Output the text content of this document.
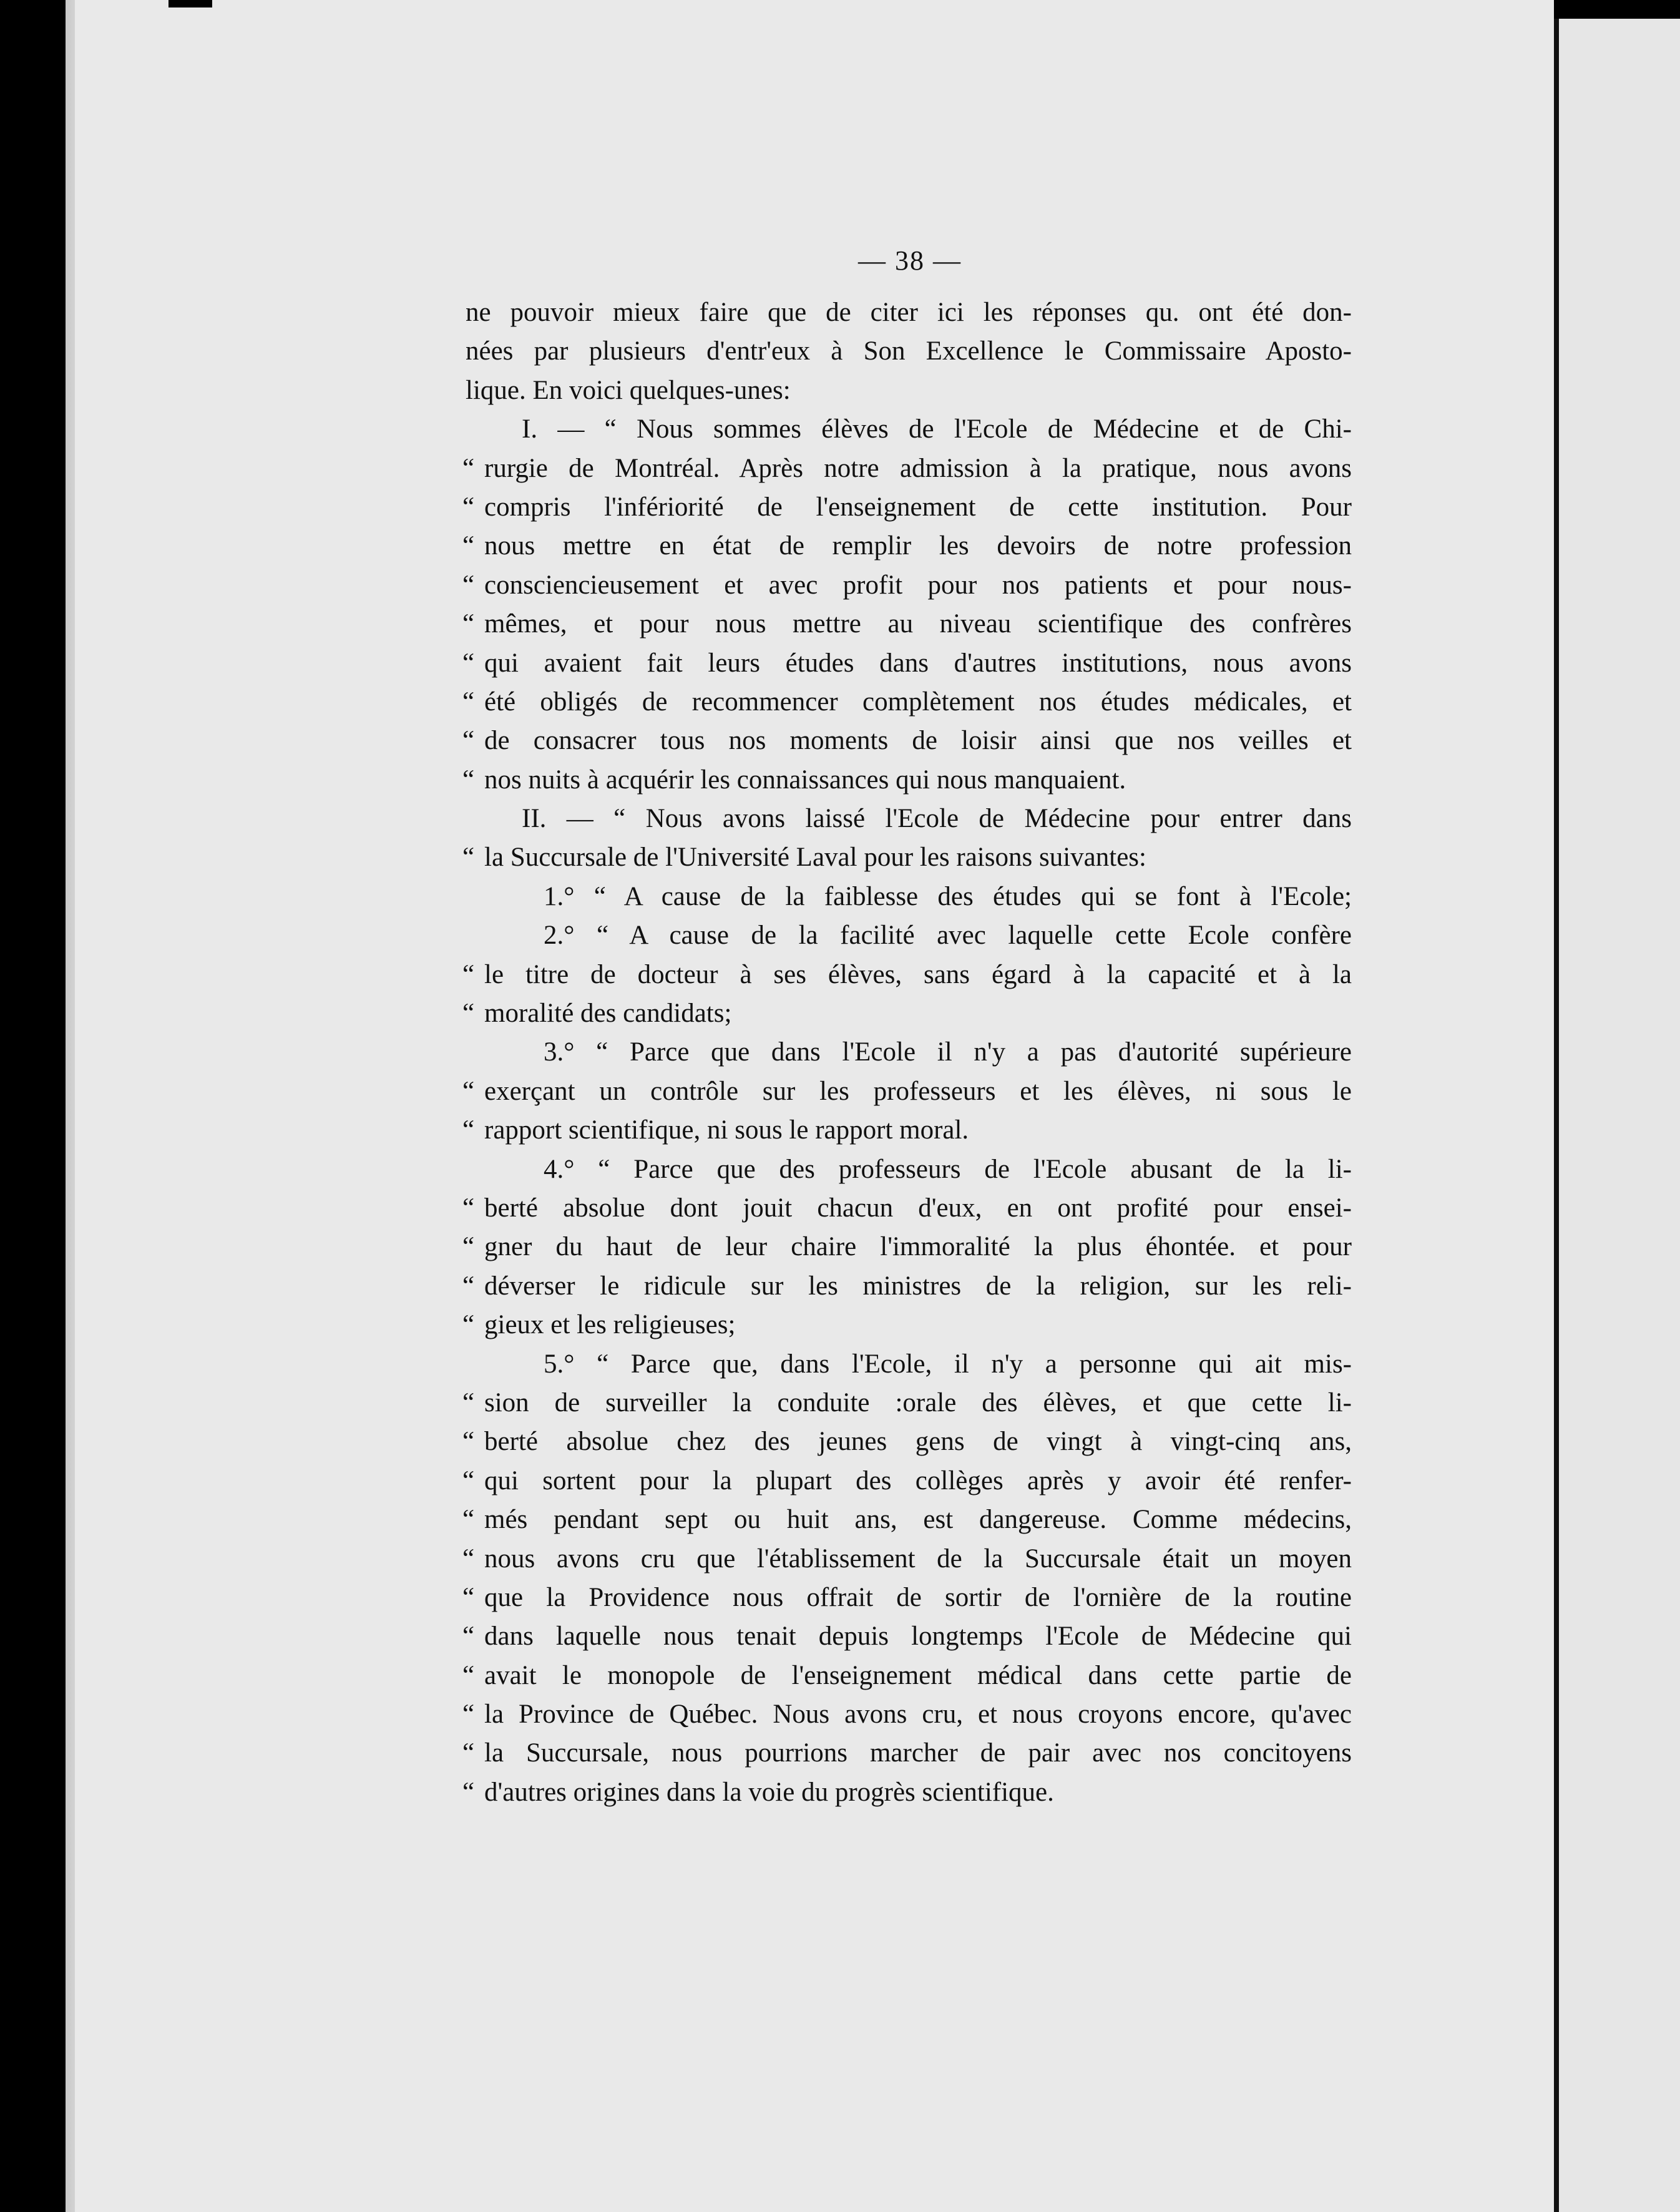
— 38 —
ne pouvoir mieux faire que de citer ici les réponses qu. ont été don-
nées par plusieurs d'entr'eux à Son Excellence le Commissaire Aposto-
lique. En voici quelques-unes:
I. — “ Nous sommes élèves de l'Ecole de Médecine et de Chi-
“ rurgie de Montréal. Après notre admission à la pratique, nous avons
“ compris l'infériorité de l'enseignement de cette institution. Pour
“ nous mettre en état de remplir les devoirs de notre profession
“ consciencieusement et avec profit pour nos patients et pour nous-
“ mêmes, et pour nous mettre au niveau scientifique des confrères
“ qui avaient fait leurs études dans d'autres institutions, nous avons
“ été obligés de recommencer complètement nos études médicales, et
“ de consacrer tous nos moments de loisir ainsi que nos veilles et
“ nos nuits à acquérir les connaissances qui nous manquaient.
II. — “ Nous avons laissé l'Ecole de Médecine pour entrer dans
“ la Succursale de l'Université Laval pour les raisons suivantes:
1.° “ A cause de la faiblesse des études qui se font à l'Ecole;
2.° “ A cause de la facilité avec laquelle cette Ecole confère
“ le titre de docteur à ses élèves, sans égard à la capacité et à la
“ moralité des candidats;
3.° “ Parce que dans l'Ecole il n'y a pas d'autorité supérieure
“ exerçant un contrôle sur les professeurs et les élèves, ni sous le
“ rapport scientifique, ni sous le rapport moral.
4.° “ Parce que des professeurs de l'Ecole abusant de la li-
“ berté absolue dont jouit chacun d'eux, en ont profité pour ensei-
“ gner du haut de leur chaire l'immoralité la plus éhontée. et pour
“ déverser le ridicule sur les ministres de la religion, sur les reli-
“ gieux et les religieuses;
5.° “ Parce que, dans l'Ecole, il n'y a personne qui ait mis-
“ sion de surveiller la conduite :orale des élèves, et que cette li-
“ berté absolue chez des jeunes gens de vingt à vingt-cinq ans,
“ qui sortent pour la plupart des collèges après y avoir été renfer-
“ més pendant sept ou huit ans, est dangereuse. Comme médecins,
“ nous avons cru que l'établissement de la Succursale était un moyen
“ que la Providence nous offrait de sortir de l'ornière de la routine
“ dans laquelle nous tenait depuis longtemps l'Ecole de Médecine qui
“ avait le monopole de l'enseignement médical dans cette partie de
“ la Province de Québec. Nous avons cru, et nous croyons encore, qu'avec
“ la Succursale, nous pourrions marcher de pair avec nos concitoyens
“ d'autres origines dans la voie du progrès scientifique.
